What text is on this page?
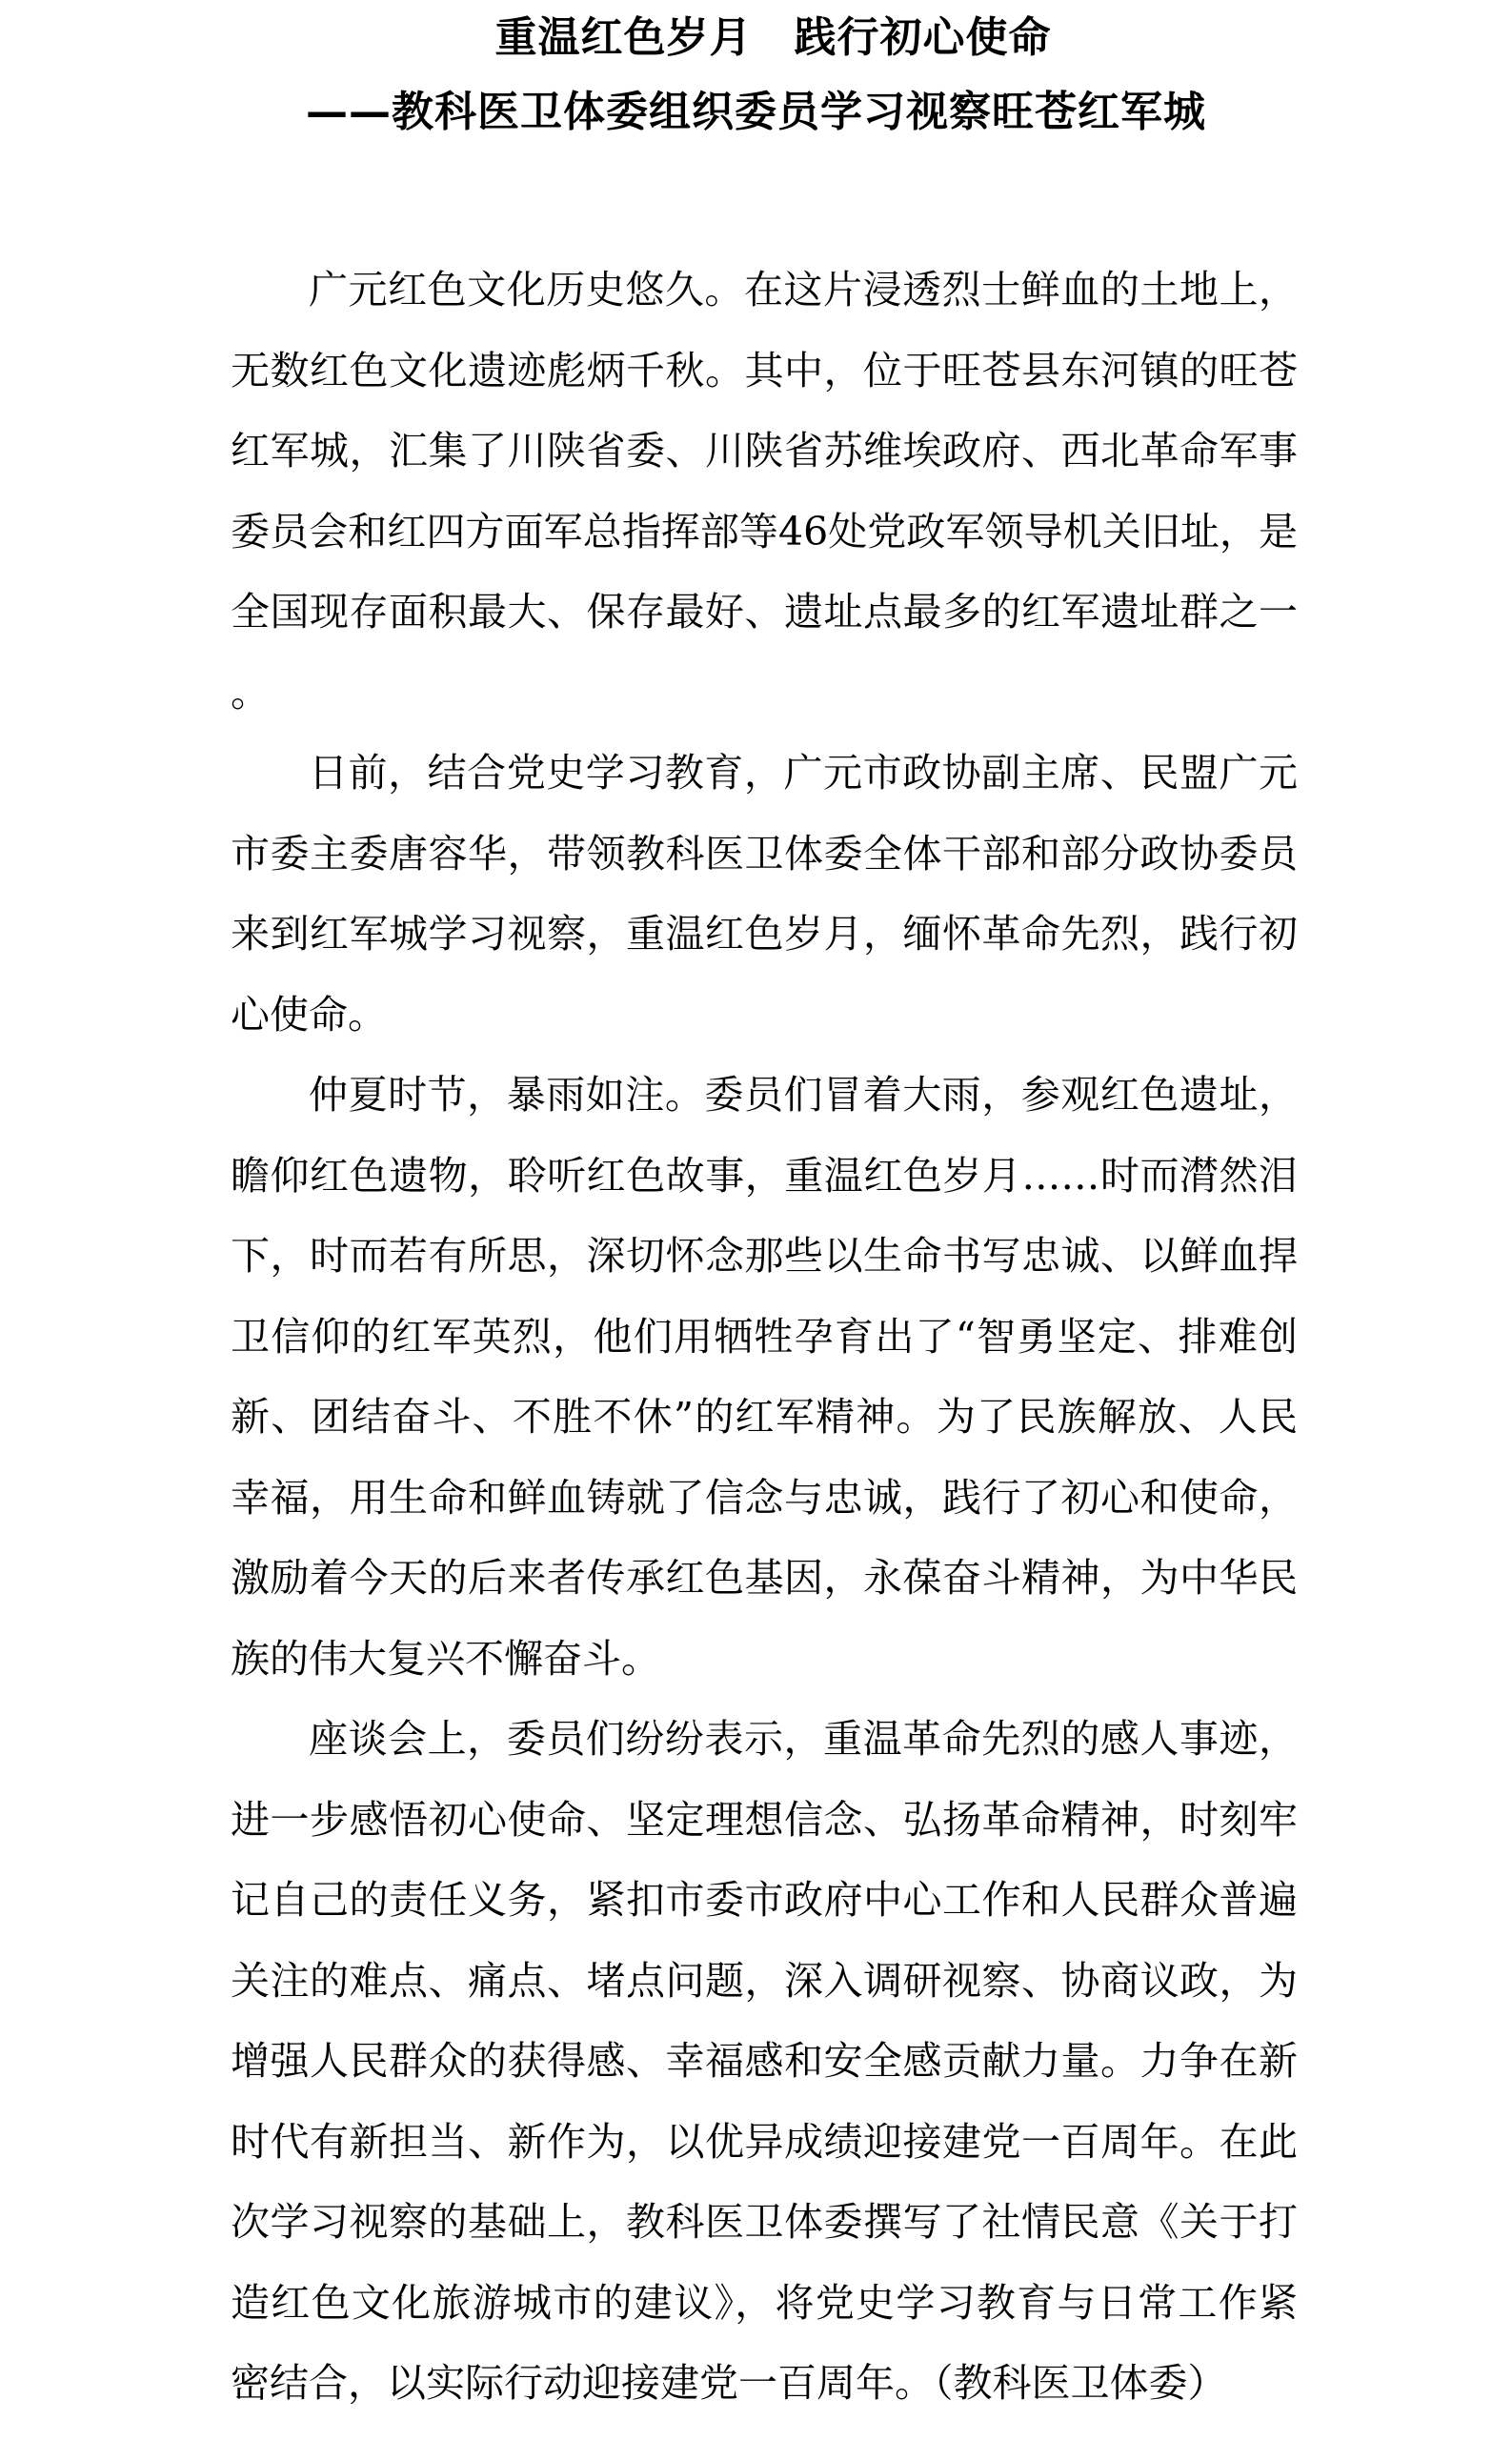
重温红色岁月 践行初心使命
——教科医卫体委组织委员学习视察旺苍红军城

广元红色文化历史悠久。在这片浸透烈士鲜血的土地上，无数红色文化遗迹彪炳千秋。其中，位于旺苍县东河镇的旺苍红军城，汇集了川陕省委、川陕省苏维埃政府、西北革命军事委员会和红四方面军总指挥部等46处党政军领导机关旧址，是全国现存面积最大、保存最好、遗址点最多的红军遗址群之一。

日前，结合党史学习教育，广元市政协副主席、民盟广元市委主委唐容华，带领教科医卫体委全体干部和部分政协委员来到红军城学习视察，重温红色岁月，缅怀革命先烈，践行初心使命。

仲夏时节，暴雨如注。委员们冒着大雨，参观红色遗址，瞻仰红色遗物，聆听红色故事，重温红色岁月……时而潸然泪下，时而若有所思，深切怀念那些以生命书写忠诚、以鲜血捍卫信仰的红军英烈，他们用牺牲孕育出了“智勇坚定、排难创新、团结奋斗、不胜不休”的红军精神。为了民族解放、人民幸福，用生命和鲜血铸就了信念与忠诚，践行了初心和使命，激励着今天的后来者传承红色基因，永葆奋斗精神，为中华民族的伟大复兴不懈奋斗。

座谈会上，委员们纷纷表示，重温革命先烈的感人事迹，进一步感悟初心使命、坚定理想信念、弘扬革命精神，时刻牢记自己的责任义务，紧扣市委市政府中心工作和人民群众普遍关注的难点、痛点、堵点问题，深入调研视察、协商议政，为增强人民群众的获得感、幸福感和安全感贡献力量。力争在新时代有新担当、新作为，以优异成绩迎接建党一百周年。在此次学习视察的基础上，教科医卫体委撰写了社情民意《关于打造红色文化旅游城市的建议》，将党史学习教育与日常工作紧密结合，以实际行动迎接建党一百周年。（教科医卫体委）
